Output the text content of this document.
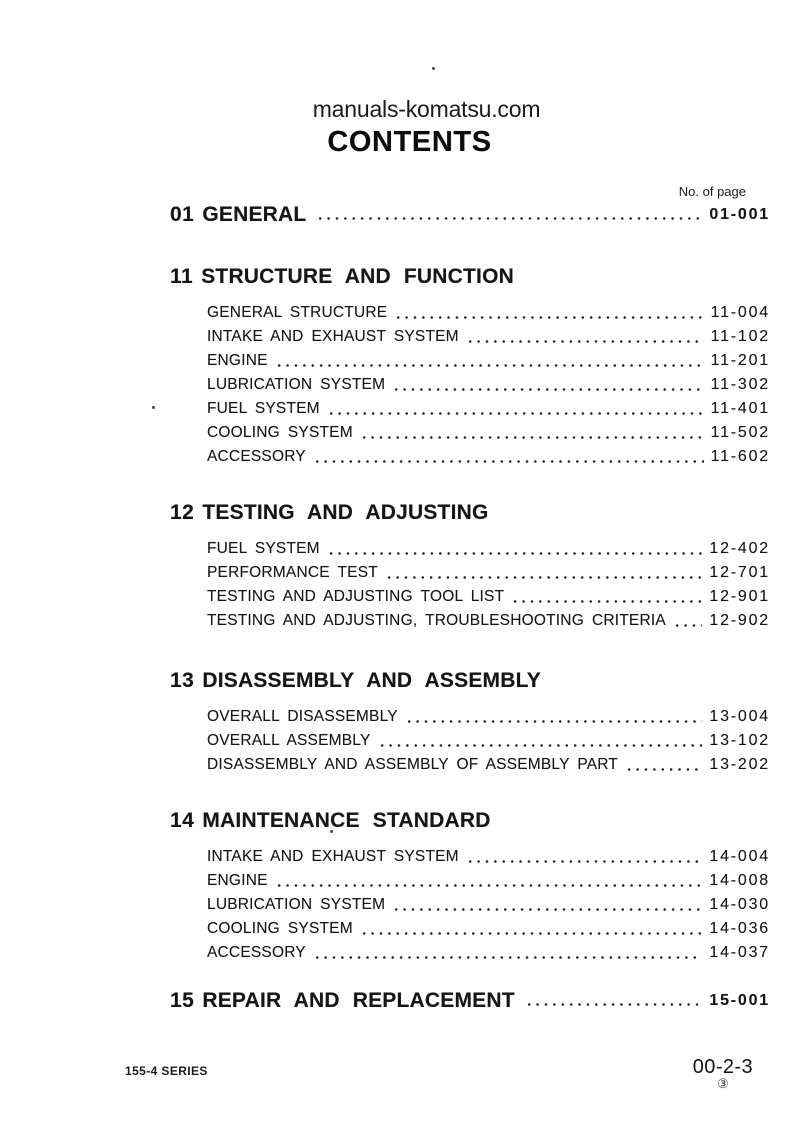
manuals-komatsu.com
CONTENTS
No. of page
01 GENERAL	01-001
11 STRUCTURE AND FUNCTION
GENERAL STRUCTURE	11-004
INTAKE AND EXHAUST SYSTEM	11-102
ENGINE	11-201
LUBRICATION SYSTEM	11-302
FUEL SYSTEM	11-401
COOLING SYSTEM	11-502
ACCESSORY	11-602
12 TESTING AND ADJUSTING
FUEL SYSTEM	12-402
PERFORMANCE TEST	12-701
TESTING AND ADJUSTING TOOL LIST	12-901
TESTING AND ADJUSTING, TROUBLESHOOTING CRITERIA	12-902
13 DISASSEMBLY AND ASSEMBLY
OVERALL DISASSEMBLY	13-004
OVERALL ASSEMBLY	13-102
DISASSEMBLY AND ASSEMBLY OF ASSEMBLY PART	13-202
14 MAINTENANCE STANDARD
INTAKE AND EXHAUST SYSTEM	14-004
ENGINE	14-008
LUBRICATION SYSTEM	14-030
COOLING SYSTEM	14-036
ACCESSORY	14-037
15 REPAIR AND REPLACEMENT	15-001
155-4 SERIES	00-2-3
③
